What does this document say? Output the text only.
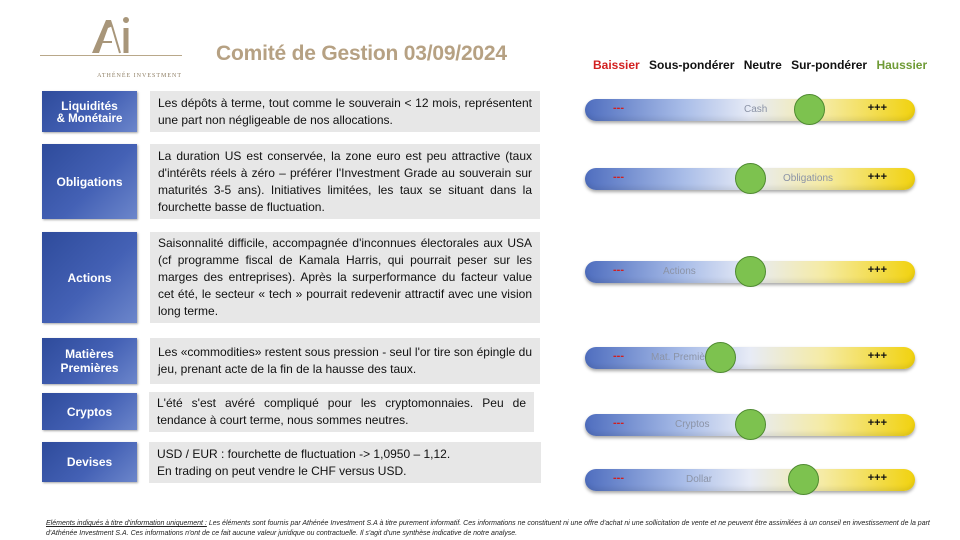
ATHÉNÉE INVESTMENT
Comité de Gestion 03/09/2024	Baissier Sous-pondérer Neutre Sur-pondérer Haussier
Liquidités
& Monétaire

Les dépôts à terme, tout comme le souverain < 12 mois, représentent une part non négligeable de nos allocations.

---	Cash	+++
Obligations

La duration US est conservée, la zone euro est peu attractive (taux d'intérêts réels à zéro – préférer l'Investment Grade au souverain sur maturités 3-5 ans). Initiatives limitées, les taux se situant dans la fourchette basse de fluctuation.

---	Obligations	+++
Actions

Saisonnalité difficile, accompagnée d'inconnues électorales aux USA (cf programme fiscal de Kamala Harris, qui pourrait peser sur les marges des entreprises). Après la surperformance du facteur value cet été, le secteur « tech » pourrait redevenir attractif avec une vision long terme.

---	Actions	+++
Matières
Premières

Les «commodities» restent sous pression - seul l'or tire son épingle du jeu, prenant acte de la fin de la hausse des taux.

---	Mat. Premiè	+++
Cryptos

L'été s'est avéré compliqué pour les cryptomonnaies. Peu de tendance à court terme, nous sommes neutres.	---	Cryptos	+++
Devises

USD / EUR : fourchette de fluctuation -> 1,0950 – 1,12.
En trading on peut vendre le CHF versus USD.

---	Dollar	+++
Eléments indiqués à titre d'information uniquement : Les éléments sont fournis par Athénée Investment S.A à titre purement informatif. Ces informations ne constituent ni une offre d'achat ni une sollicitation de vente et ne peuvent être assimilées à un conseil en investissement de la part d'Athénée Investment S.A. Ces informations n'ont de ce fait aucune valeur juridique ou contractuelle. Il s'agit d'une synthèse indicative de notre analyse.
